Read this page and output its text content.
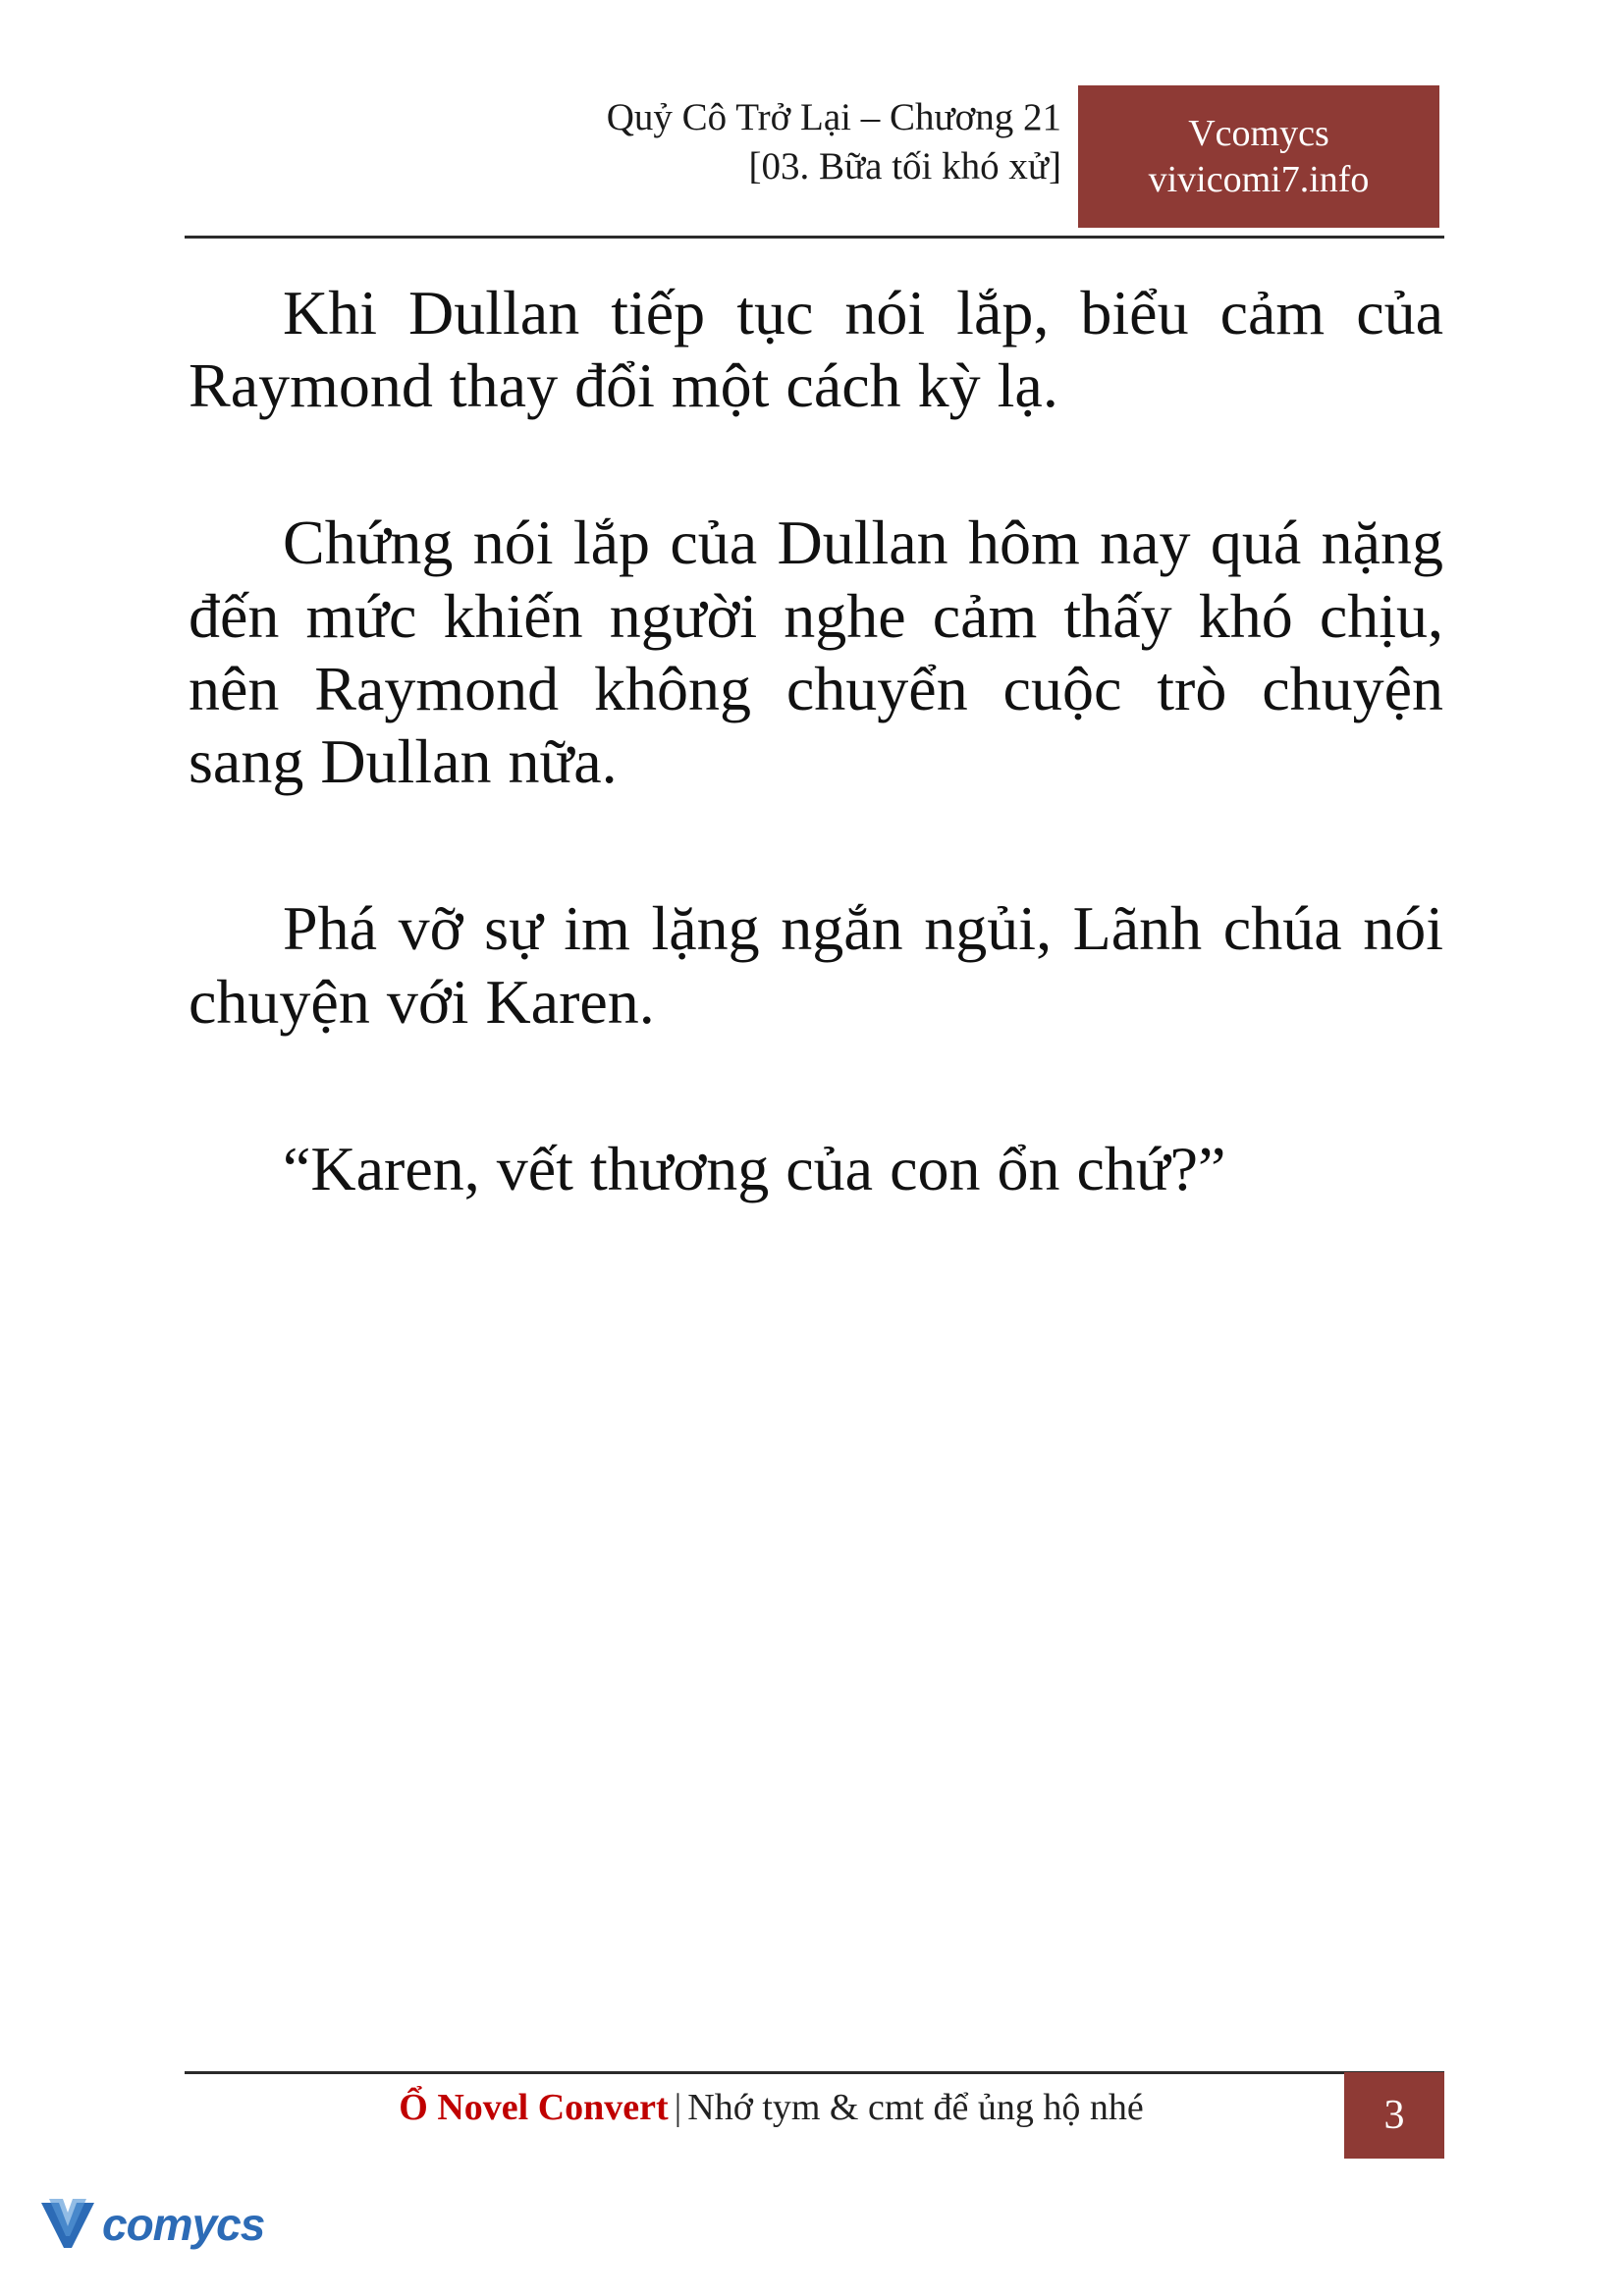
Quỷ Cô Trở Lại – Chương 21
[03. Bữa tối khó xử]
Vcomycs
vivicomi7.info

Khi Dullan tiếp tục nói lắp, biểu cảm của Raymond thay đổi một cách kỳ lạ.

Chứng nói lắp của Dullan hôm nay quá nặng đến mức khiến người nghe cảm thấy khó chịu, nên Raymond không chuyển cuộc trò chuyện sang Dullan nữa.

Phá vỡ sự im lặng ngắn ngủi, Lãnh chúa nói chuyện với Karen.

“Karen, vết thương của con ổn chứ?”

Ổ Novel Convert | Nhớ tym & cmt để ủng hộ nhé	3
comycs
